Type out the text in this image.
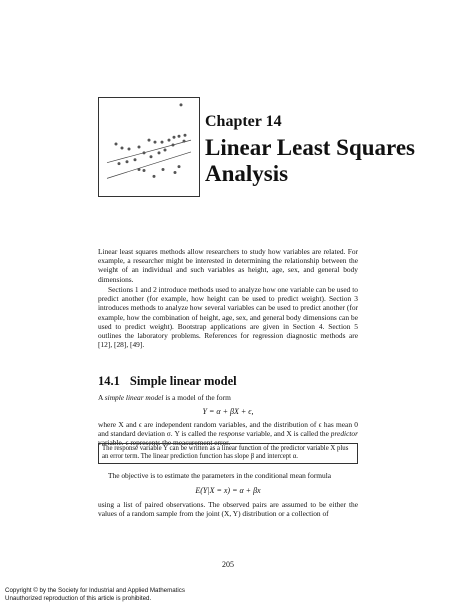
Chapter 14
Linear Least Squares
Analysis

Linear least squares methods allow researchers to study how variables are related. For example, a researcher might be interested in determining the relationship between the weight of an individual and such variables as height, age, sex, and general body dimensions.

Sections 1 and 2 introduce methods used to analyze how one variable can be used to predict another (for example, how height can be used to predict weight). Section 3 introduces methods to analyze how several variables can be used to predict another (for example, how the combination of height, age, sex, and general body dimensions can be used to predict weight). Bootstrap applications are given in Section 4. Section 5 outlines the laboratory problems. References for regression diagnostic methods are [12], [28], [49].

14.1 Simple linear model

A simple linear model is a model of the form

Y = α + βX + ϵ,

where X and ϵ are independent random variables, and the distribution of ϵ has mean 0 and standard deviation σ. Y is called the response variable, and X is called the predictor variable. ϵ represents the measurement error.

The response variable Y can be written as a linear function of the predictor variable X plus an error term. The linear prediction function has slope β and intercept α.

The objective is to estimate the parameters in the conditional mean formula

E(Y|X = x) = α + βx

using a list of paired observations. The observed pairs are assumed to be either the values of a random sample from the joint (X, Y) distribution or a collection of

205
Copyright © by the Society for Industrial and Applied Mathematics
Unauthorized reproduction of this article is prohibited.
